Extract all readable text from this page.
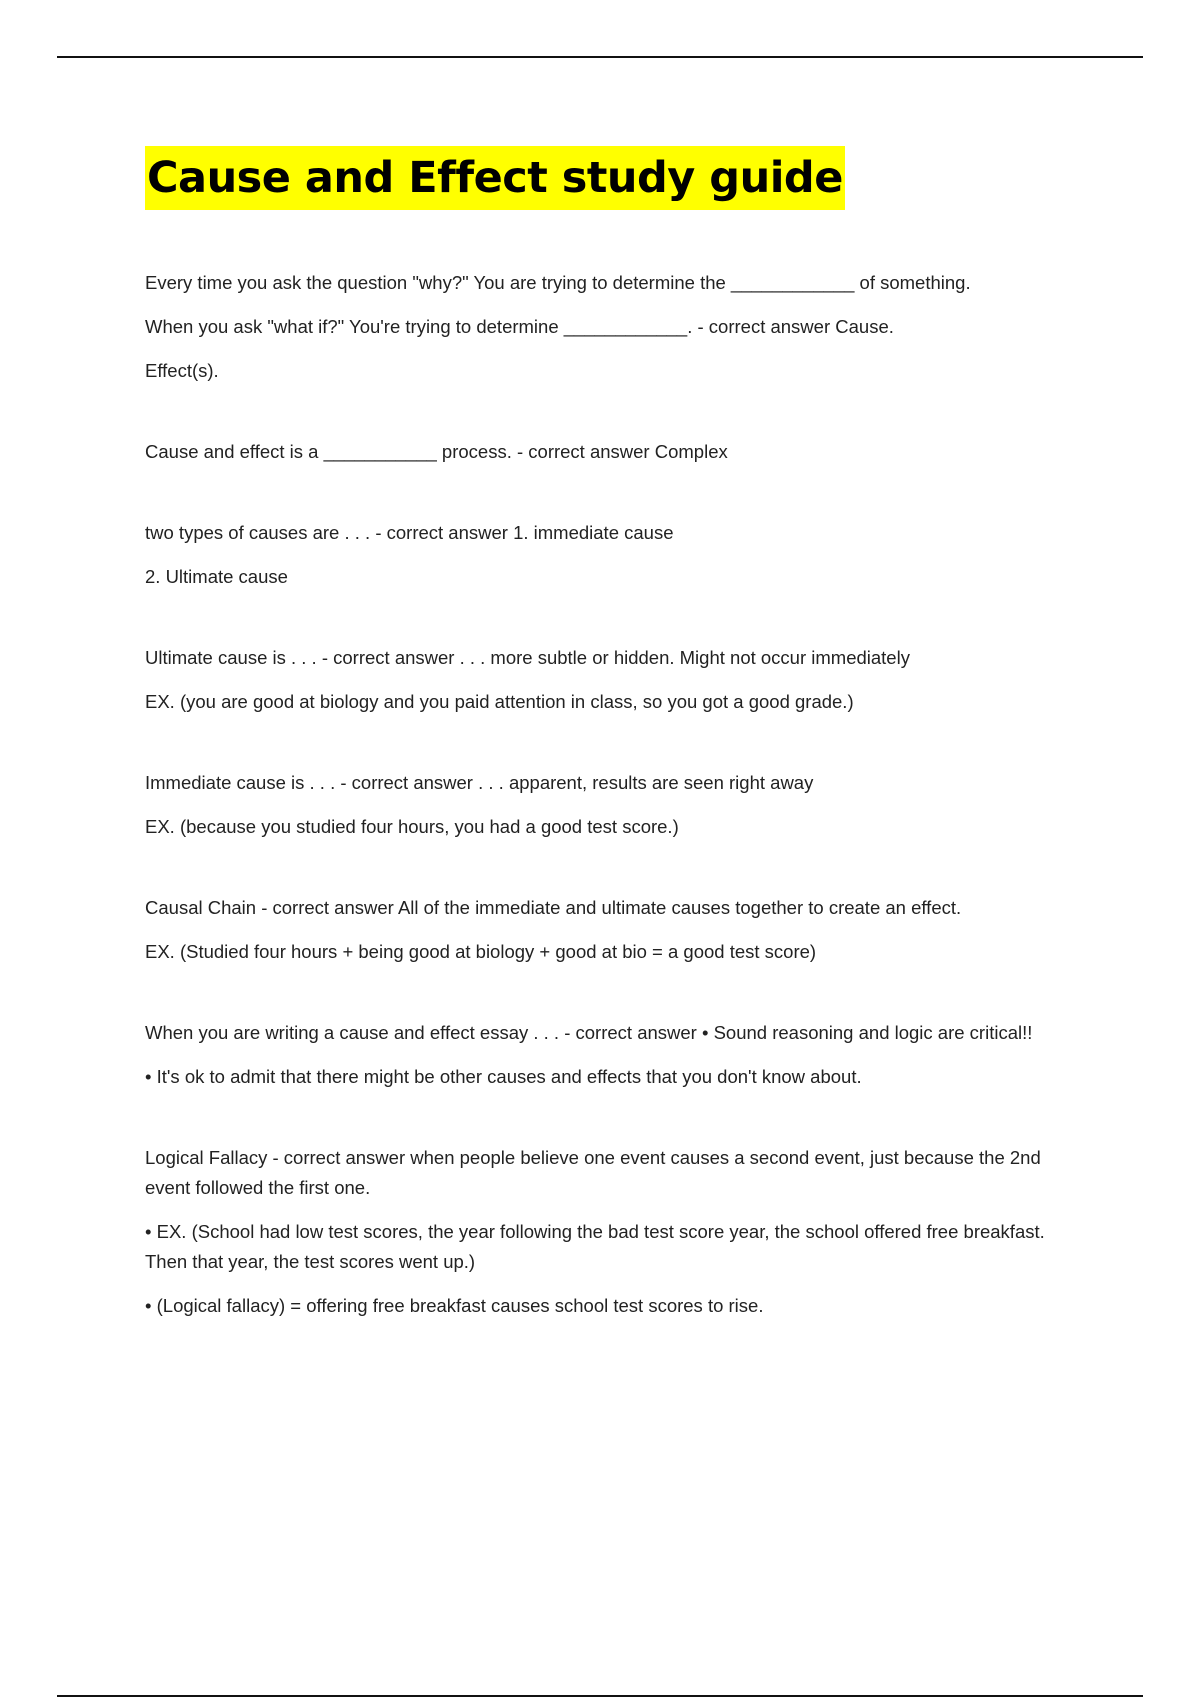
Cause and Effect study guide

Every time you ask the question "why?" You are trying to determine the ____________ of something.

When you ask "what if?" You're trying to determine ____________. - correct answer Cause.

Effect(s).

Cause and effect is a ___________ process. - correct answer Complex

two types of causes are . . . - correct answer 1. immediate cause

2. Ultimate cause

Ultimate cause is . . . - correct answer . . . more subtle or hidden. Might not occur immediately

EX. (you are good at biology and you paid attention in class, so you got a good grade.)

Immediate cause is . . . - correct answer . . . apparent, results are seen right away

EX. (because you studied four hours, you had a good test score.)

Causal Chain - correct answer All of the immediate and ultimate causes together to create an effect.

EX. (Studied four hours + being good at biology + good at bio = a good test score)

When you are writing a cause and effect essay . . . - correct answer • Sound reasoning and logic are critical!!

• It's ok to admit that there might be other causes and effects that you don't know about.

Logical Fallacy - correct answer when people believe one event causes a second event, just because the 2nd event followed the first one.

• EX. (School had low test scores, the year following the bad test score year, the school offered free breakfast. Then that year, the test scores went up.)

• (Logical fallacy) = offering free breakfast causes school test scores to rise.
